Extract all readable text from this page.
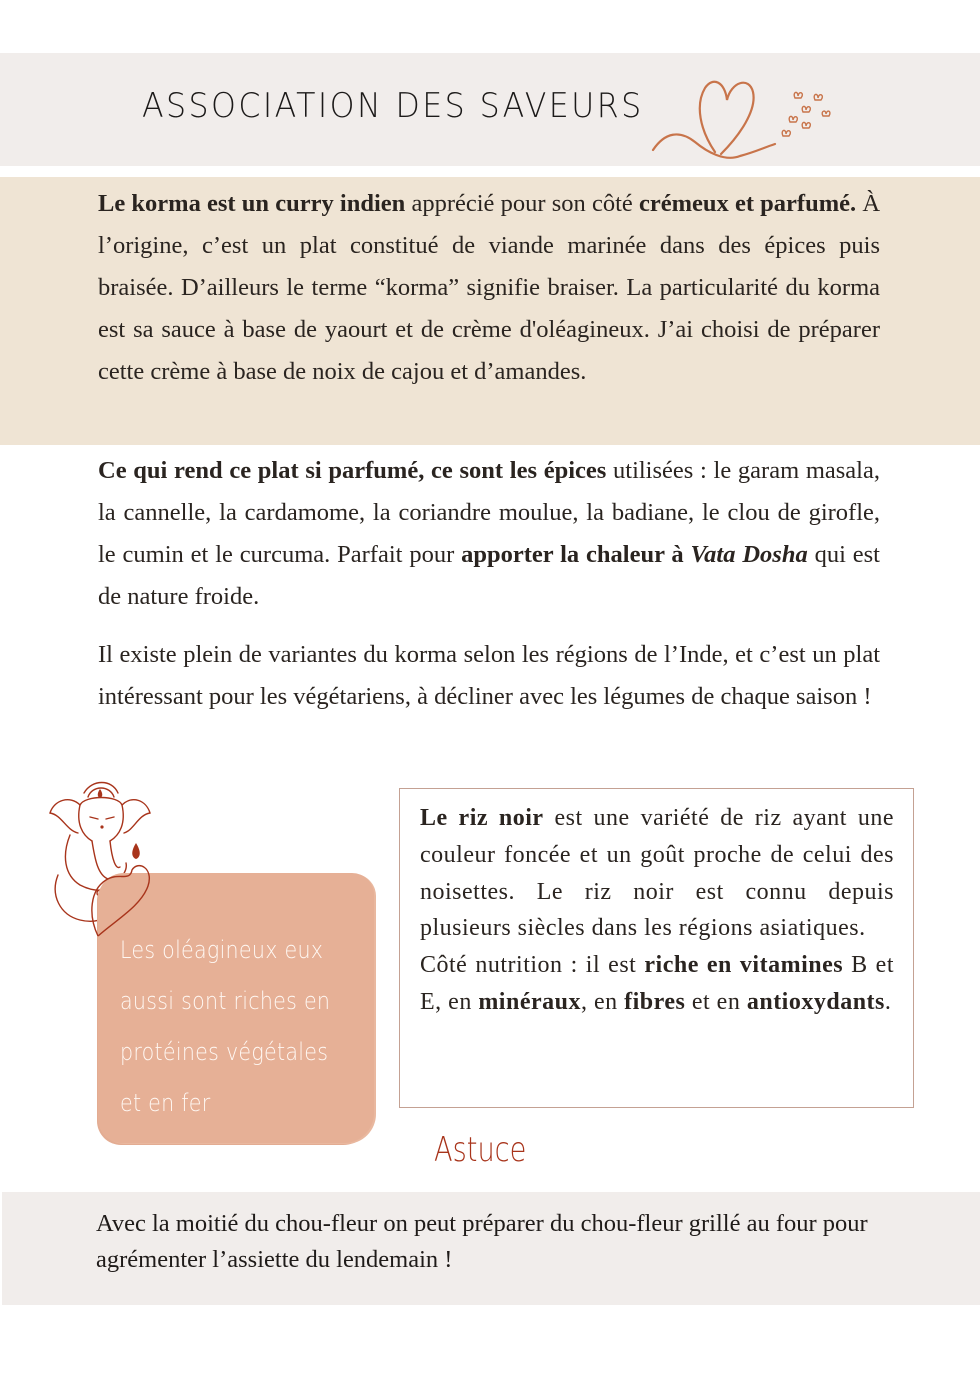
ASSOCIATION DES SAVEURS

Le korma est un curry indien apprécié pour son côté crémeux et parfumé. À l’origine, c’est un plat constitué de viande marinée dans des épices puis braisée. D’ailleurs le terme “korma” signifie braiser. La particularité du korma est sa sauce à base de yaourt et de crème d'oléagineux. J’ai choisi de préparer cette crème à base de noix de cajou et d’amandes.

Ce qui rend ce plat si parfumé, ce sont les épices utilisées : le garam masala, la cannelle, la cardamome, la coriandre moulue, la badiane, le clou de girofle, le cumin et le curcuma. Parfait pour apporter la chaleur à Vata Dosha qui est de nature froide.

Il existe plein de variantes du korma selon les régions de l’Inde, et c’est un plat intéressant pour les végétariens, à décliner avec les légumes de chaque saison !

Les oléagineux eux
aussi sont riches en
protéines végétales
et en fer
Le riz noir est une variété de riz ayant une couleur foncée et un goût proche de celui des noisettes. Le riz noir est connu depuis plusieurs siècles dans les régions asiatiques.
Côté nutrition : il est riche en vitamines B et E, en minéraux, en fibres et en antioxydants.
Astuce

Avec la moitié du chou-fleur on peut préparer du chou-fleur grillé au four pour agrémenter l’assiette du lendemain !
